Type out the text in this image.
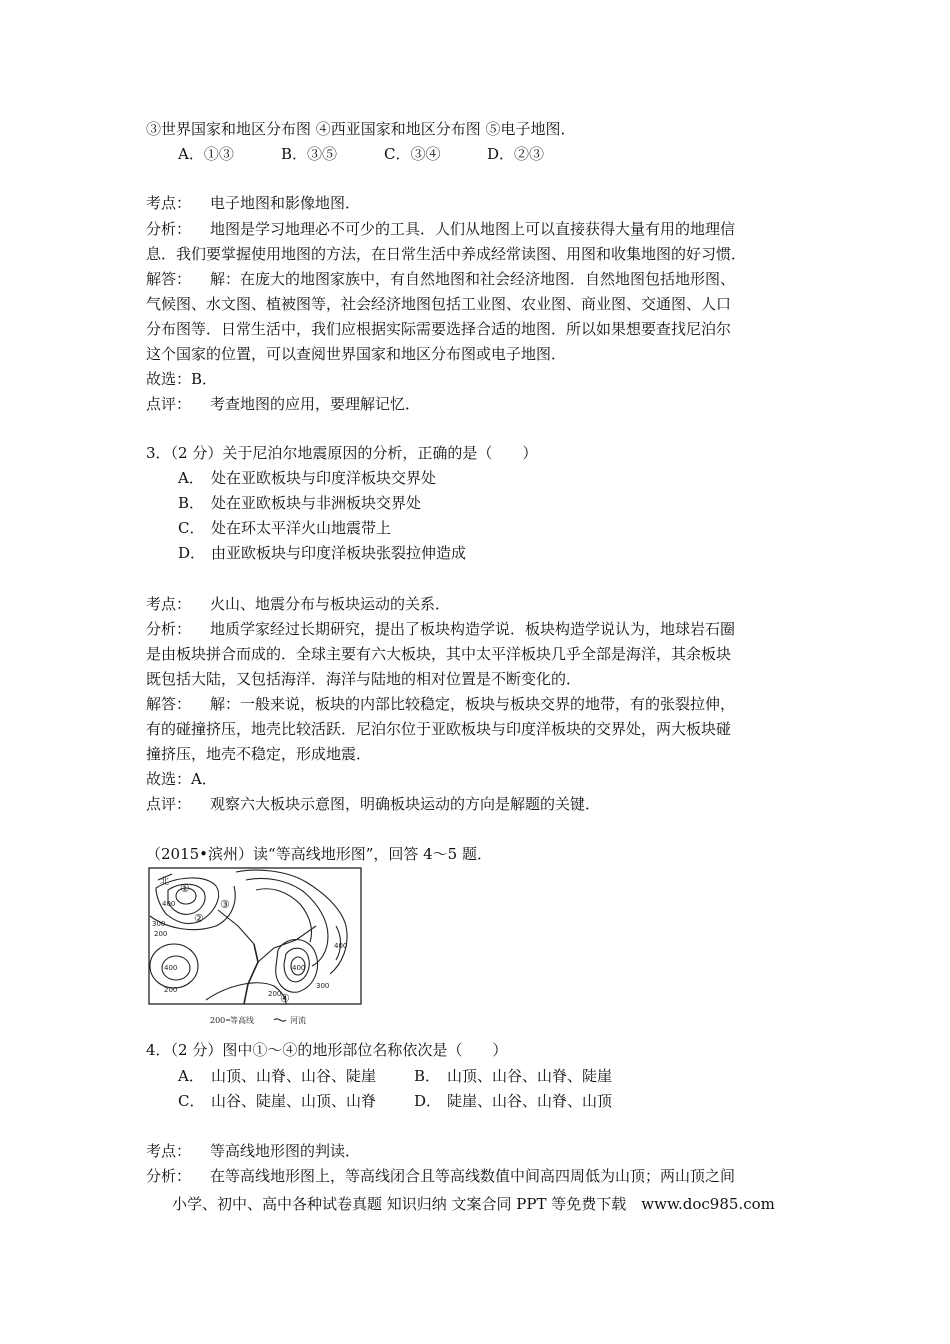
③世界国家和地区分布图 ④西亚国家和地区分布图 ⑤电子地图．
A．①③	B．③⑤	C．③④	D．②③
考点： 电子地图和影像地图．
分析： 地图是学习地理必不可少的工具．人们从地图上可以直接获得大量有用的地理信
息．我们要掌握使用地图的方法，在日常生活中养成经常读图、用图和收集地图的好习惯．
解答： 解：在庞大的地图家族中，有自然地图和社会经济地图．自然地图包括地形图、
气候图、水文图、植被图等，社会经济地图包括工业图、农业图、商业图、交通图、人口
分布图等．日常生活中，我们应根据实际需要选择合适的地图．所以如果想要查找尼泊尔
这个国家的位置，可以查阅世界国家和地区分布图或电子地图．
故选：B．
点评： 考查地图的应用，要理解记忆．
3．（2 分）关于尼泊尔地震原因的分析，正确的是（　　）
A． 处在亚欧板块与印度洋板块交界处
B． 处在亚欧板块与非洲板块交界处
C． 处在环太平洋火山地震带上
D． 由亚欧板块与印度洋板块张裂拉伸造成
考点： 火山、地震分布与板块运动的关系．
分析： 地质学家经过长期研究，提出了板块构造学说．板块构造学说认为，地球岩石圈
是由板块拼合而成的．全球主要有六大板块，其中太平洋板块几乎全部是海洋，其余板块
既包括大陆，又包括海洋．海洋与陆地的相对位置是不断变化的．
解答： 解：一般来说，板块的内部比较稳定，板块与板块交界的地带，有的张裂拉伸，
有的碰撞挤压，地壳比较活跃．尼泊尔位于亚欧板块与印度洋板块的交界处，两大板块碰
撞挤压，地壳不稳定，形成地震．
故选：A．
点评： 观察六大板块示意图，明确板块运动的方向是解题的关键．
（2015•滨州）读“等高线地形图”，回答 4～5 题．
北 ①
②
③
④
400
300
200
400
200
400
300
400
200
200 等高线	河流
4．（2 分）图中①～④的地形部位名称依次是（　　）
A． 山顶、山脊、山谷、陡崖	B． 山顶、山谷、山脊、陡崖
C． 山谷、陡崖、山顶、山脊	D． 陡崖、山谷、山脊、山顶
考点： 等高线地形图的判读．
分析： 在等高线地形图上，等高线闭合且等高线数值中间高四周低为山顶；两山顶之间
小学、初中、高中各种试卷真题 知识归纳 文案合同 PPT 等免费下载　www.doc985.com
